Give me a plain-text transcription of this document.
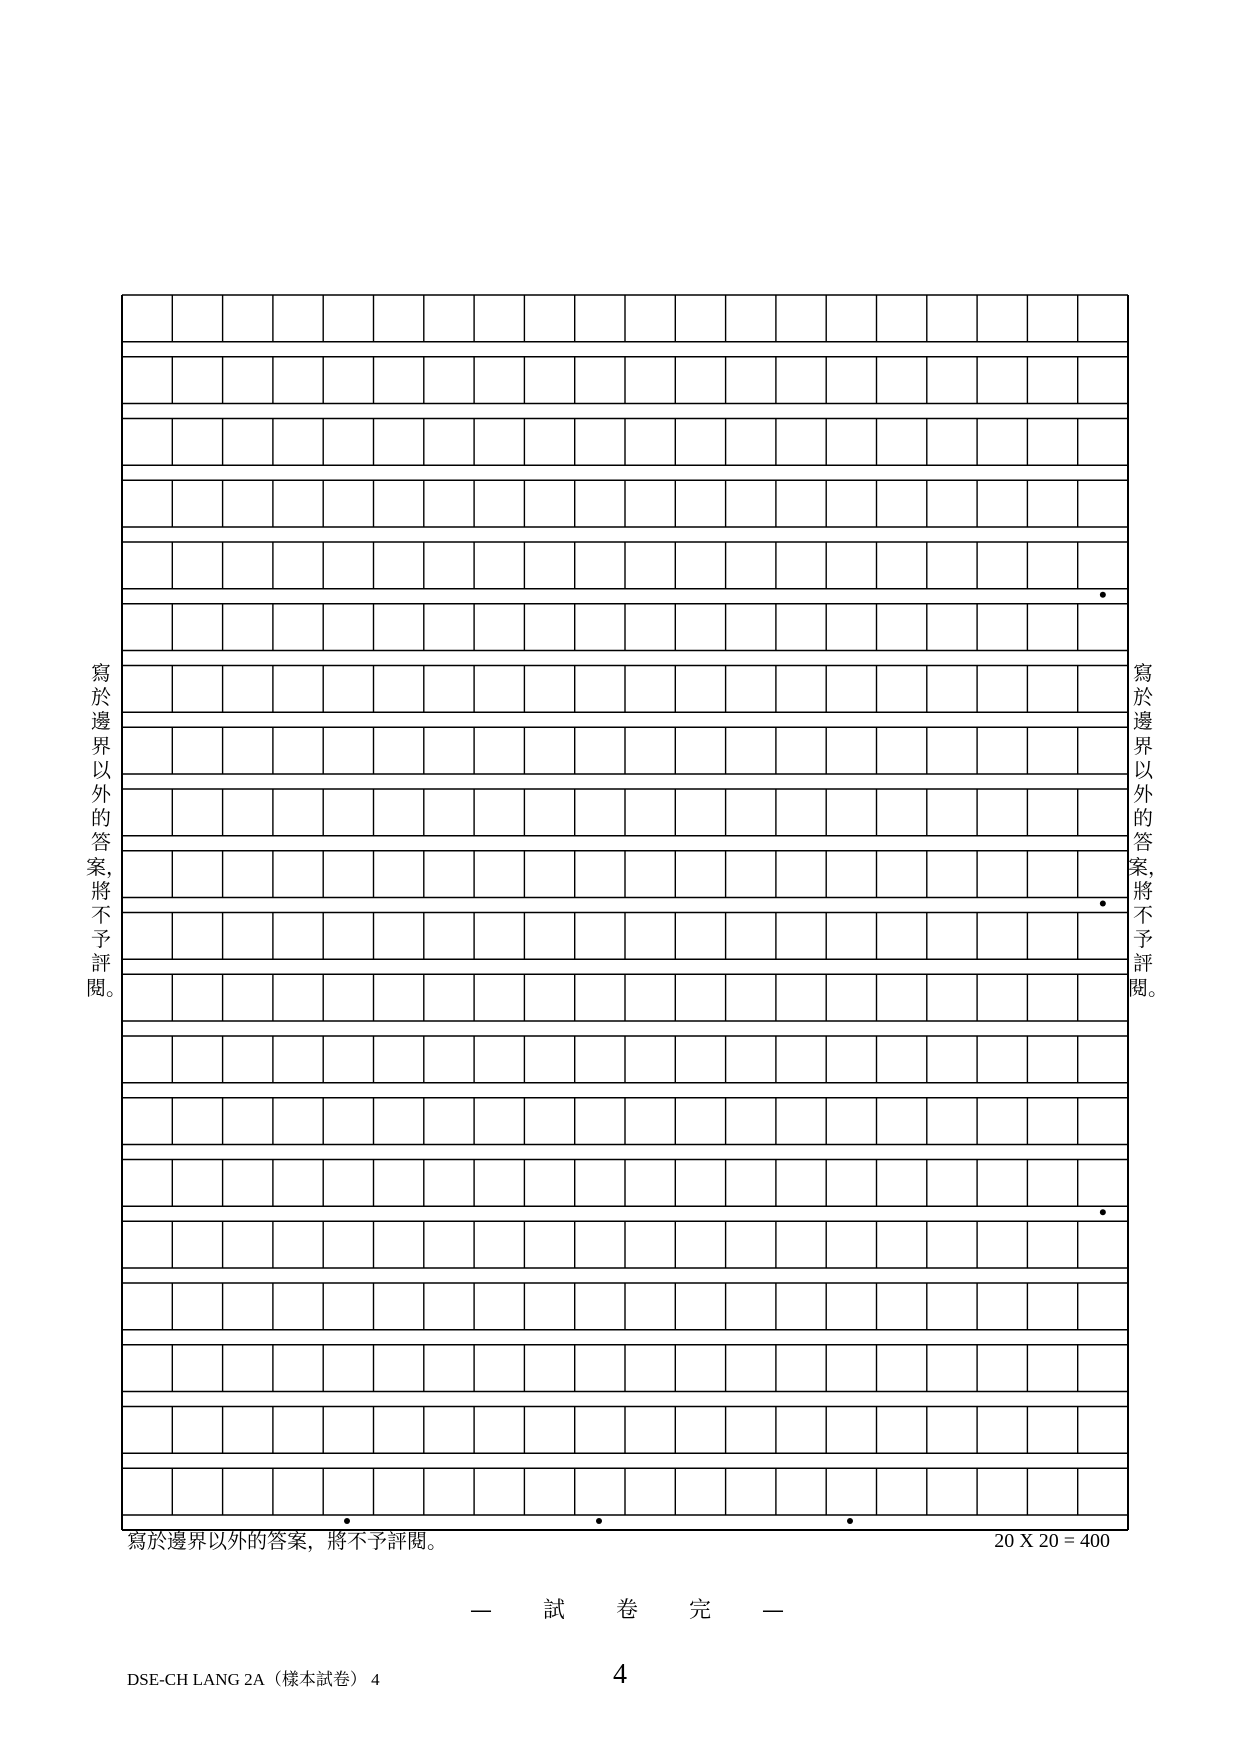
寫於邊界以外的答案，將不予評閱。
寫於邊界以外的答案，將不予評閱。
寫於邊界以外的答案，將不予評閱。	20 X 20 = 400
— 試 卷 完 —
DSE-CH LANG 2A（樣本試卷） 4	4
